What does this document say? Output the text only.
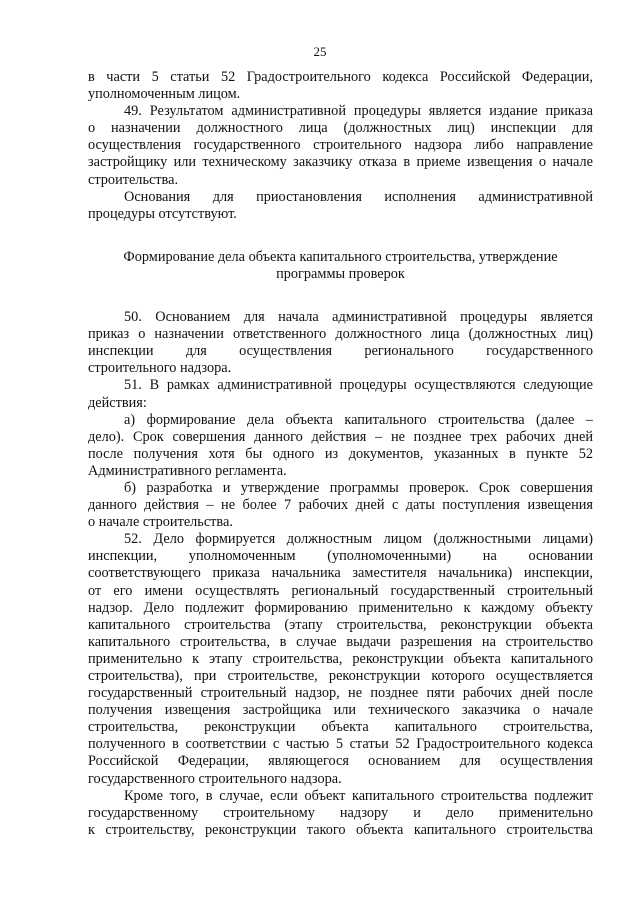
25
в части 5 статьи 52 Градостроительного кодекса Российской Федерации,
уполномоченным лицом.
49. Результатом административной процедуры является издание приказа
о назначении должностного лица (должностных лиц) инспекции для
осуществления государственного строительного надзора либо направление
застройщику или техническому заказчику отказа в приеме извещения о начале
строительства.
Основания для приостановления исполнения административной
процедуры отсутствуют.
Формирование дела объекта капитального строительства, утверждение
программы проверок
50. Основанием для начала административной процедуры является
приказ о назначении ответственного должностного лица (должностных лиц)
инспекции для осуществления регионального государственного
строительного надзора.
51. В рамках административной процедуры осуществляются следующие
действия:
а) формирование дела объекта капитального строительства (далее –
дело). Срок совершения данного действия – не позднее трех рабочих дней
после получения хотя бы одного из документов, указанных в пункте 52
Административного регламента.
б) разработка и утверждение программы проверок. Срок совершения
данного действия – не более 7 рабочих дней с даты поступления извещения
о начале строительства.
52. Дело формируется должностным лицом (должностными лицами)
инспекции, уполномоченным (уполномоченными) на основании
соответствующего приказа начальника заместителя начальника) инспекции,
от его имени осуществлять региональный государственный строительный
надзор. Дело подлежит формированию применительно к каждому объекту
капитального строительства (этапу строительства, реконструкции объекта
капитального строительства, в случае выдачи разрешения на строительство
применительно к этапу строительства, реконструкции объекта капитального
строительства), при строительстве, реконструкции которого осуществляется
государственный строительный надзор, не позднее пяти рабочих дней после
получения извещения застройщика или технического заказчика о начале
строительства, реконструкции объекта капитального строительства,
полученного в соответствии с частью 5 статьи 52 Градостроительного кодекса
Российской Федерации, являющегося основанием для осуществления
государственного строительного надзора.
Кроме того, в случае, если объект капитального строительства подлежит
государственному строительному надзору и дело применительно
к строительству, реконструкции такого объекта капитального строительства
